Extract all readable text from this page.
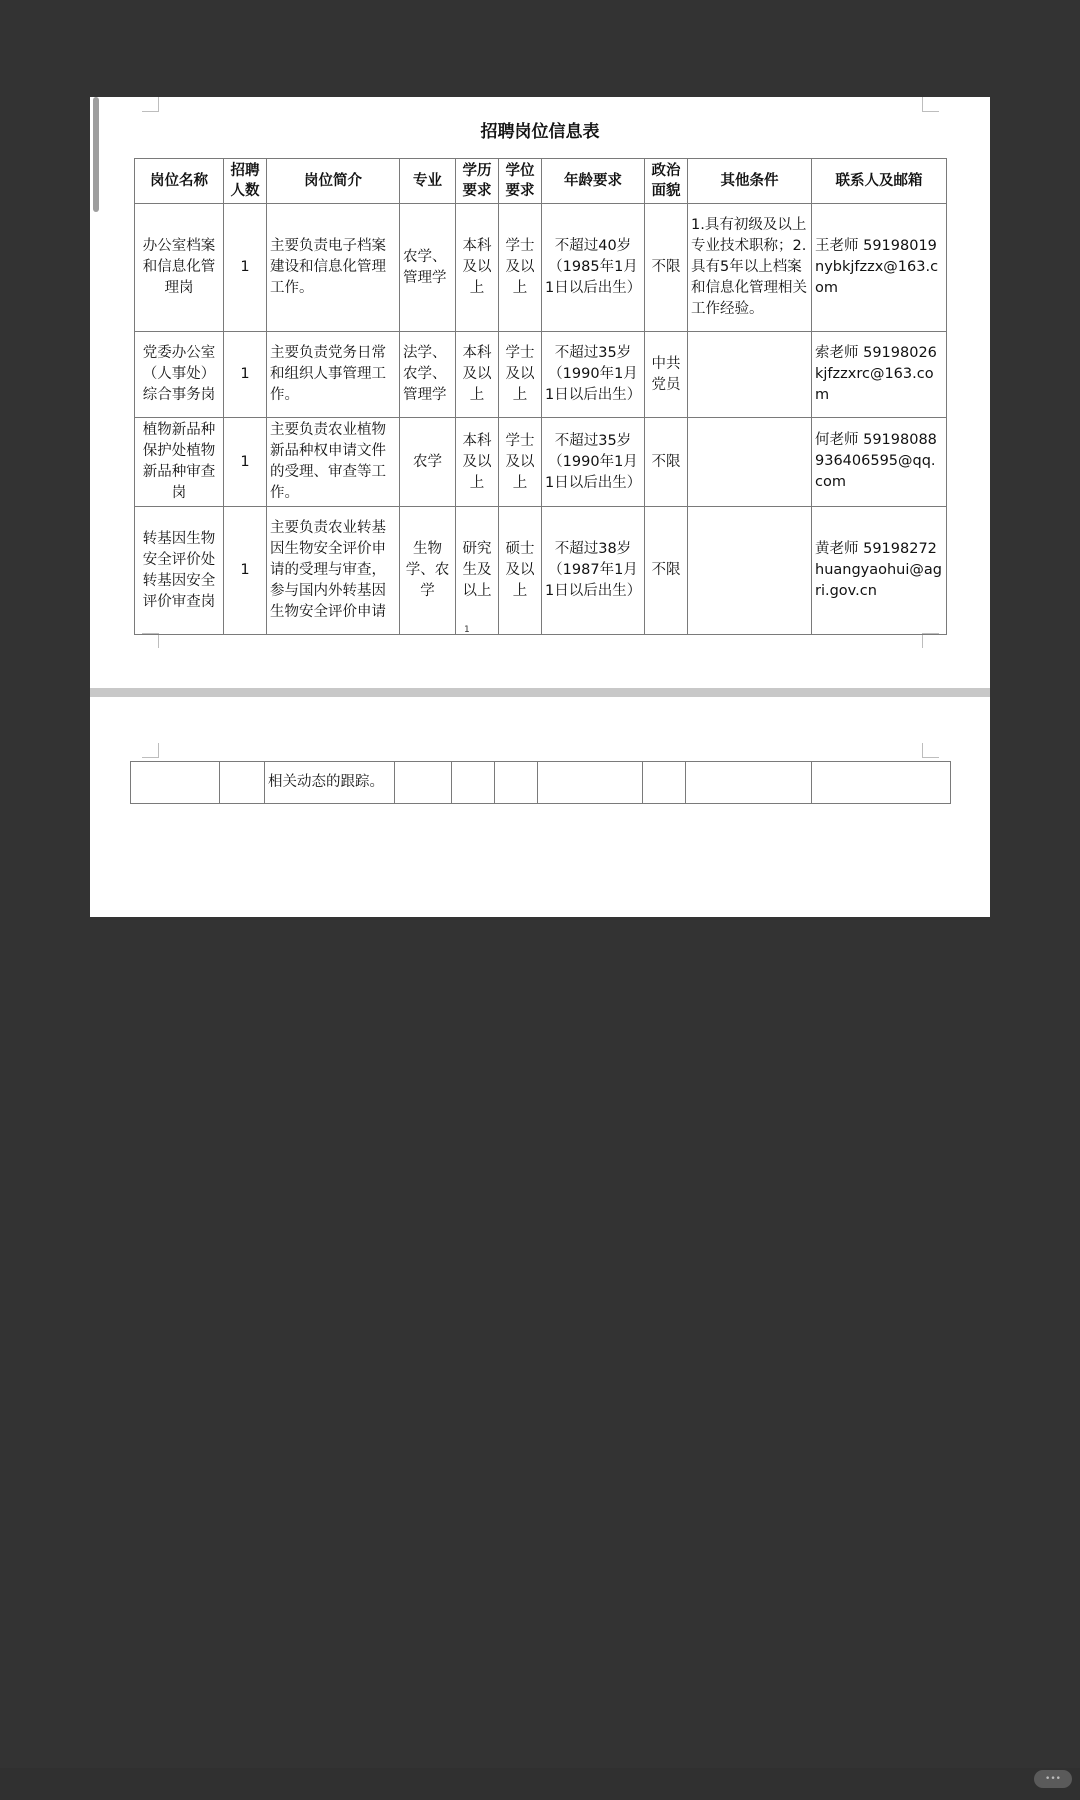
招聘岗位信息表
岗位名称	招聘人数	岗位简介	专业	学历要求	学位要求	年龄要求	政治面貌	其他条件	联系人及邮箱
办公室档案和信息化管理岗	1	主要负责电子档案建设和信息化管理工作。	农学、管理学	本科及以上	学士及以上	不超过40岁（1985年1月1日以后出生）	不限	1.具有初级及以上专业技术职称；2.具有5年以上档案和信息化管理相关工作经验。	王老师 59198019 nybkjfzzx@163.com
党委办公室（人事处）综合事务岗	1	主要负责党务日常和组织人事管理工作。	法学、农学、管理学	本科及以上	学士及以上	不超过35岁（1990年1月1日以后出生）	中共党员		索老师 59198026 kjfzzxrc@163.com
植物新品种保护处植物新品种审查岗	1	主要负责农业植物新品种权申请文件的受理、审查等工作。	农学	本科及以上	学士及以上	不超过35岁（1990年1月1日以后出生）	不限		何老师 59198088 936406595@qq.com
转基因生物安全评价处转基因安全评价审查岗	1	主要负责农业转基因生物安全评价申请的受理与审查，参与国内外转基因生物安全评价申请	生物学、农学	研究生及以上	硕士及以上	不超过38岁（1987年1月1日以后出生）	不限		黄老师 59198272 huangyaohui@agri.gov.cn
1
		相关动态的跟踪。							
•••
